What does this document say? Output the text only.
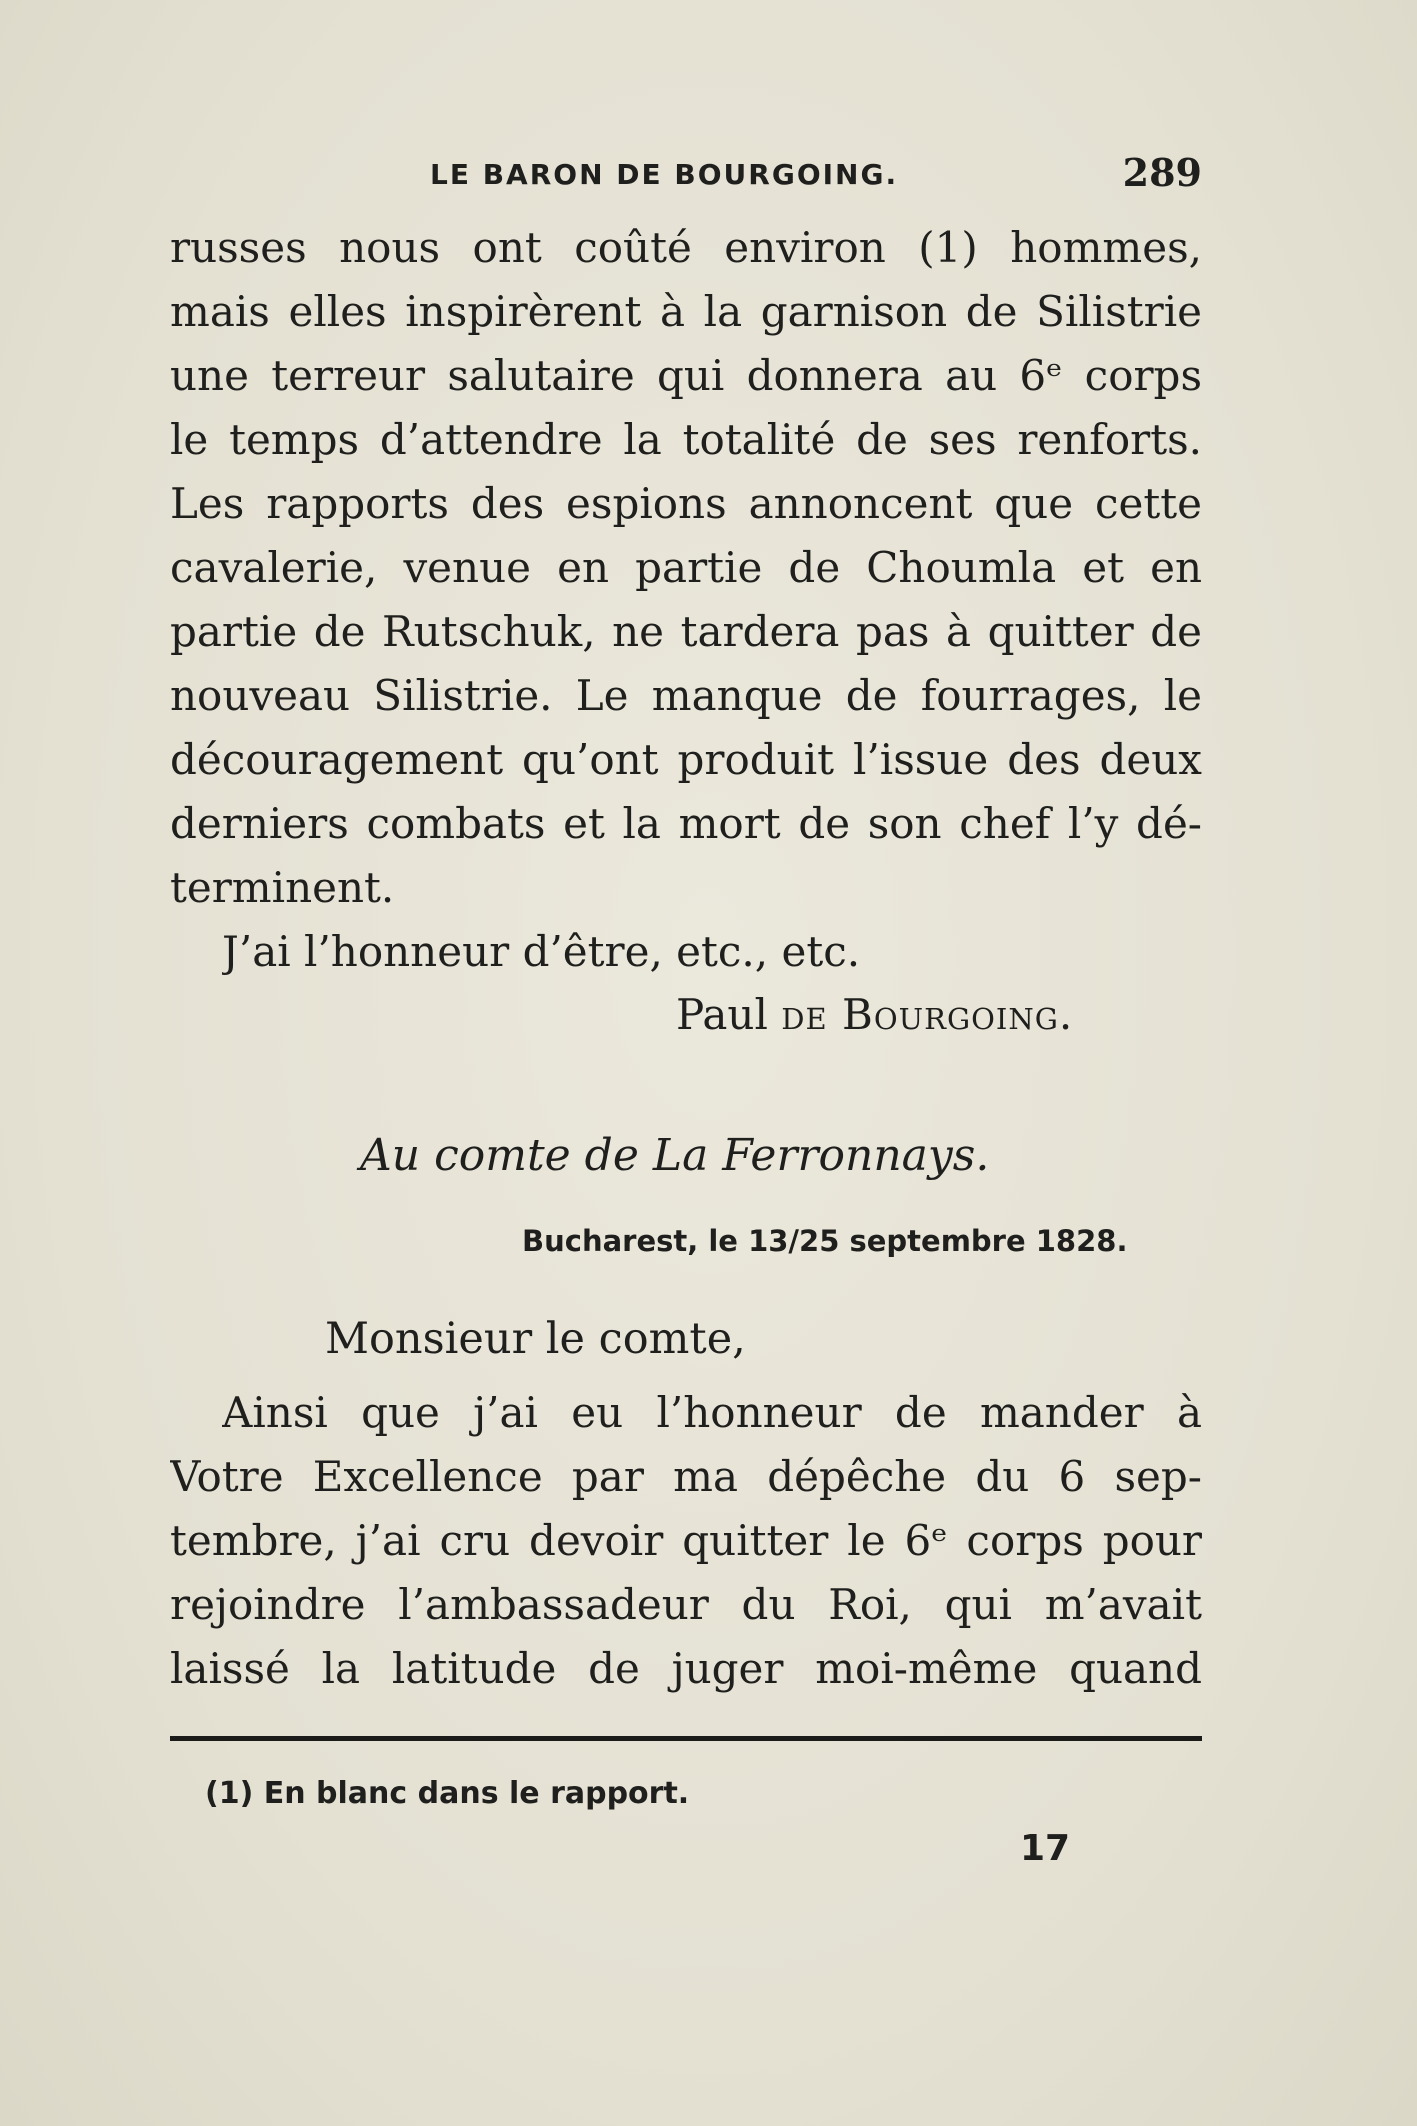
LE BARON DE BOURGOING.	289
russes nous ont coûté environ (1) hommes,
mais elles inspirèrent à la garnison de Silistrie
une terreur salutaire qui donnera au 6ᵉ corps
le temps d’attendre la totalité de ses renforts.
Les rapports des espions annoncent que cette
cavalerie, venue en partie de Choumla et en
partie de Rutschuk, ne tardera pas à quitter de
nouveau Silistrie. Le manque de fourrages, le
découragement qu’ont produit l’issue des deux
derniers combats et la mort de son chef l’y dé-
terminent.
J’ai l’honneur d’être, etc., etc.
Paul de Bourgoing.
Au comte de La Ferronnays.
Bucharest, le 13/25 septembre 1828.
Monsieur le comte,
Ainsi que j’ai eu l’honneur de mander à
Votre Excellence par ma dépêche du 6 sep-
tembre, j’ai cru devoir quitter le 6ᵉ corps pour
rejoindre l’ambassadeur du Roi, qui m’avait
laissé la latitude de juger moi-même quand
(1) En blanc dans le rapport.
17
